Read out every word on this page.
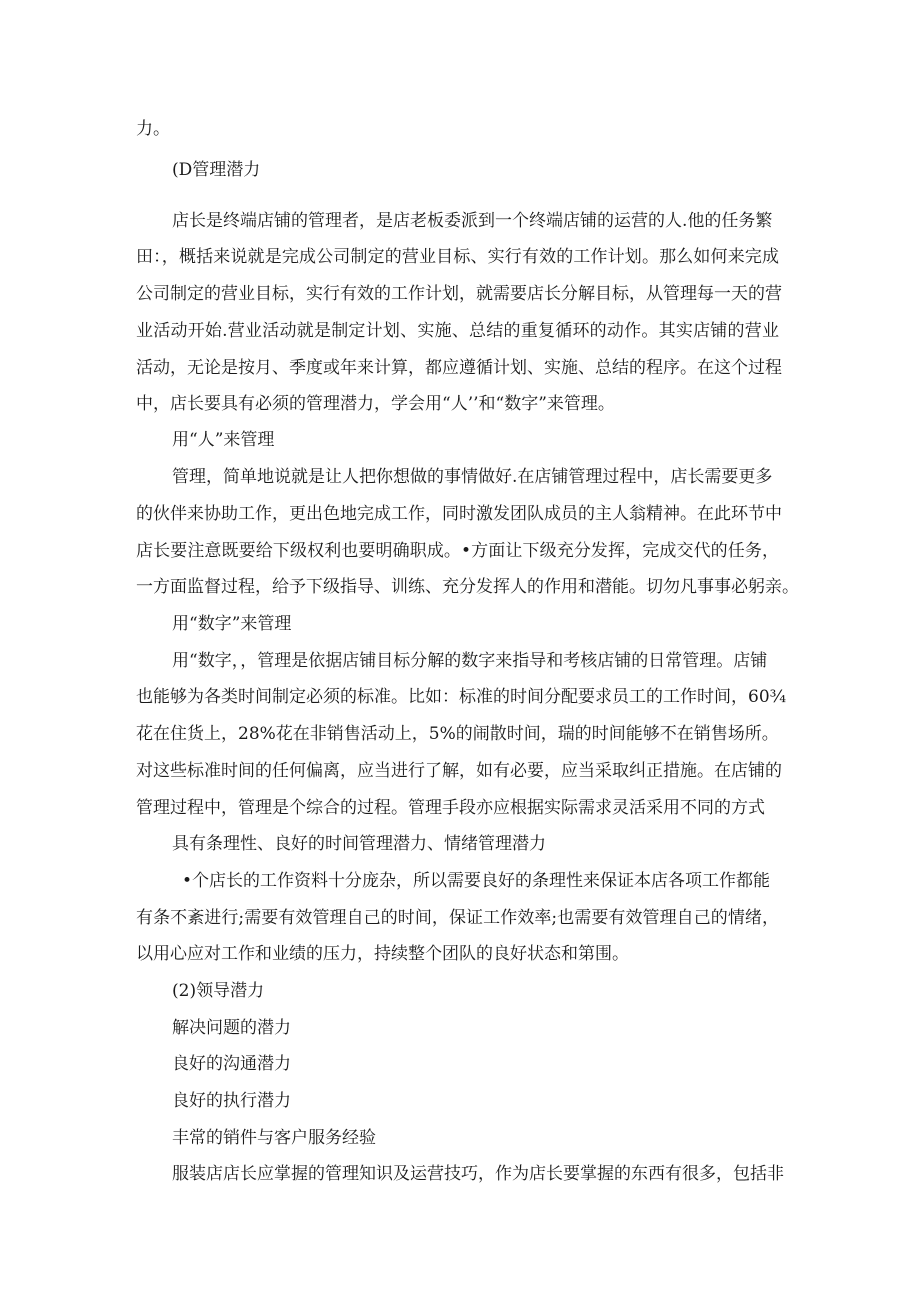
力。
(D管理潜力
店长是终端店铺的管理者，是店老板委派到一个终端店铺的运营的人.他的任务繁
田：，概括来说就是完成公司制定的营业目标、实行有效的工作计划。那么如何来完成
公司制定的营业目标，实行有效的工作计划，就需要店长分解目标，从管理每一天的营
业活动开始.营业活动就是制定计划、实施、总结的重复循环的动作。其实店铺的营业
活动，无论是按月、季度或年来计算，都应遵循计划、实施、总结的程序。在这个过程
中，店长要具有必须的管理潜力，学会用“人’’和“数字”来管理。
用“人”来管理
管理，简单地说就是让人把你想做的事情做好.在店铺管理过程中，店长需要更多
的伙伴来协助工作，更出色地完成工作，同时激发团队成员的主人翁精神。在此环节中
店长要注意既要给下级权利也要明确职成。•方面让下级充分发挥，完成交代的任务，
一方面监督过程，给予下级指导、训练、充分发挥人的作用和潜能。切勿凡事事必躬亲。
用“数字”来管理
用“数字，，管理是依据店铺目标分解的数字来指导和考核店铺的日常管理。店铺
也能够为各类时间制定必须的标准。比如：标准的时间分配要求员工的工作时间，60¾
花在住货上，28%花在非销售活动上，5%的闹散时间，瑞的时间能够不在销售场所。
对这些标准时间的任何偏离，应当进行了解，如有必要，应当采取纠正措施。在店铺的
管理过程中，管理是个综合的过程。管理手段亦应根据实际需求灵活采用不同的方式
具有条理性、良好的时间管理潜力、情绪管理潜力
•个店长的工作资料十分庞杂，所以需要良好的条理性来保证本店各项工作都能
有条不紊进行;需要有效管理自己的时间，保证工作效率;也需要有效管理自己的情绪，
以用心应对工作和业绩的压力，持续整个团队的良好状态和第围。
(2)领导潜力
解决问题的潜力
良好的沟通潜力
良好的执行潜力
丰常的销件与客户服务经验
服装店店长应掌握的管理知识及运营技巧，作为店长要掌握的东西有很多，包括非
